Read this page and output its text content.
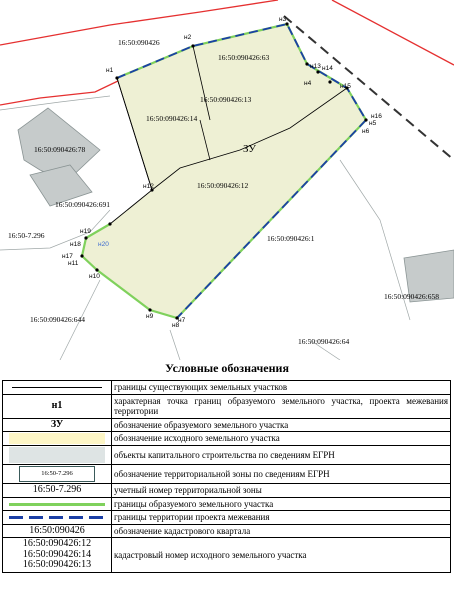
16:50:090426
16:50:090426:63
16:50:090426:13
16:50:090426:14
16:50:090426:12
16:50:090426:1
16:50:090426:78
16:50:090426:691
16:50:090426:658
16:50:090426:644
16:50:090426:64
16:50-7.296
ЗУ
н1
н2
н3
н4
н5
н6
н7
н8
н9
н10
н11
н12
н13 н14
н15
н16
н17
н18
н19
н20
Условные обозначения
	границы существующих земельных участков
н1	характерная точка границ образуемого земельного участка, проекта межевания территории
ЗУ	обозначение образуемого земельного участка

	обозначение исходного земельного участка

	объекты капитального строительства по сведениям ЕГРН
16:50-7.296	обозначение территориальной зоны по сведениям ЕГРН
16:50-7.296	учетный номер территориальной зоны
	границы образуемого земельного участка
	границы территории проекта межевания
16:50:090426	обозначение кадастрового квартала

16:50:090426:12
16:50:090426:14
16:50:090426:13	кадастровый номер исходного земельного участка
